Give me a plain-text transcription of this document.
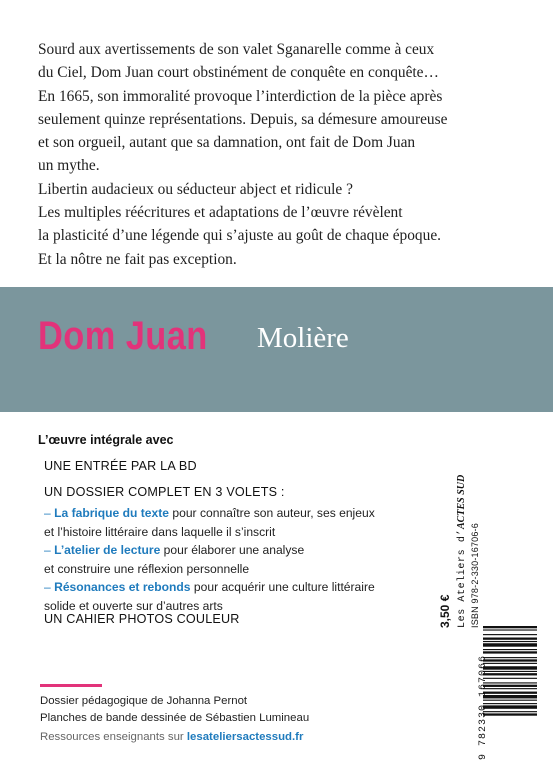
Sourd aux avertissements de son valet Sganarelle comme à ceux
du Ciel, Dom Juan court obstinément de conquête en conquête…
En 1665, son immoralité provoque l’interdiction de la pièce après
seulement quinze représentations. Depuis, sa démesure amoureuse
et son orgueil, autant que sa damnation, ont fait de Dom Juan
un mythe.

Libertin audacieux ou séducteur abject et ridicule ?
Les multiples réécritures et adaptations de l’œuvre révèlent
la plasticité d’une légende qui s’ajuste au goût de chaque époque.
Et la nôtre ne fait pas exception.

Dom Juan Molière
L’œuvre intégrale avec
UNE ENTRÉE PAR LA BD
UN DOSSIER COMPLET EN 3 VOLETS :
– La fabrique du texte pour connaître son auteur, ses enjeux
et l’histoire littéraire dans laquelle il s’inscrit
– L’atelier de lecture pour élaborer une analyse
et construire une réflexion personnelle
– Résonances et rebonds pour acquérir une culture littéraire
solide et ouverte sur d’autres arts
UN CAHIER PHOTOS COULEUR
Dossier pédagogique de Johanna Pernot
Planches de bande dessinée de Sébastien Lumineau
Ressources enseignants sur lesateliersactessud.fr
3,50 € Les Ateliers d’ACTES SUD
ISBN 978-2-330-16706-6
9 782330 167066
